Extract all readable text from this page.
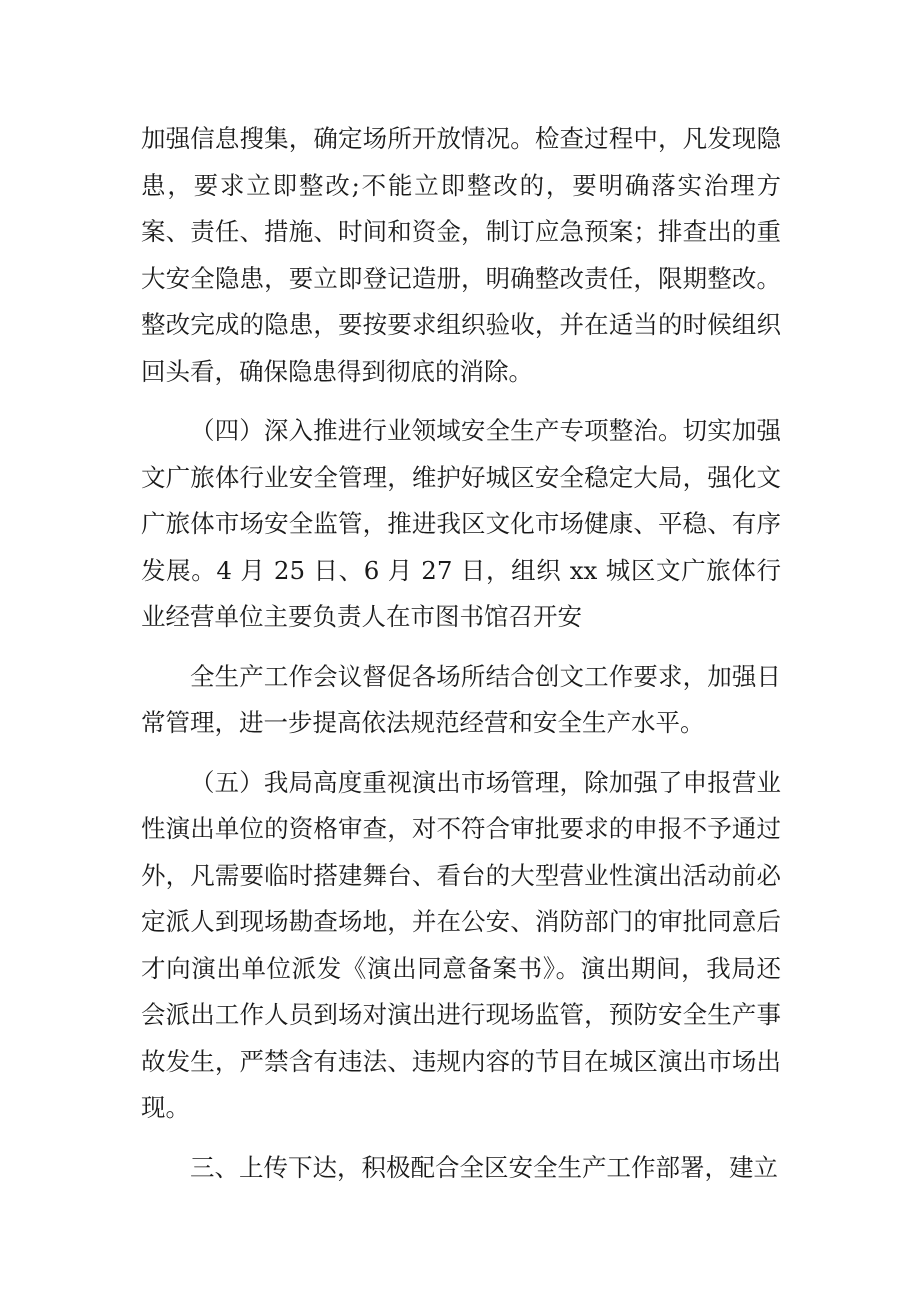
加强信息搜集，确定场所开放情况。检查过程中，凡发现隐患，要求立即整改;不能立即整改的，要明确落实治理方案、责任、措施、时间和资金，制订应急预案；排查出的重大安全隐患，要立即登记造册，明确整改责任，限期整改。整改完成的隐患，要按要求组织验收，并在适当的时候组织回头看，确保隐患得到彻底的消除。

（四）深入推进行业领域安全生产专项整治。切实加强文广旅体行业安全管理，维护好城区安全稳定大局，强化文广旅体市场安全监管，推进我区文化市场健康、平稳、有序发展。4 月 25 日、6 月 27 日，组织 xx 城区文广旅体行业经营单位主要负责人在市图书馆召开安

全生产工作会议督促各场所结合创文工作要求，加强日常管理，进一步提高依法规范经营和安全生产水平。

（五）我局高度重视演出市场管理，除加强了申报营业性演出单位的资格审查，对不符合审批要求的申报不予通过外，凡需要临时搭建舞台、看台的大型营业性演出活动前必定派人到现场勘查场地，并在公安、消防部门的审批同意后才向演出单位派发《演出同意备案书》。演出期间，我局还会派出工作人员到场对演出进行现场监管，预防安全生产事故发生，严禁含有违法、违规内容的节目在城区演出市场出现。

三、上传下达，积极配合全区安全生产工作部署，建立
